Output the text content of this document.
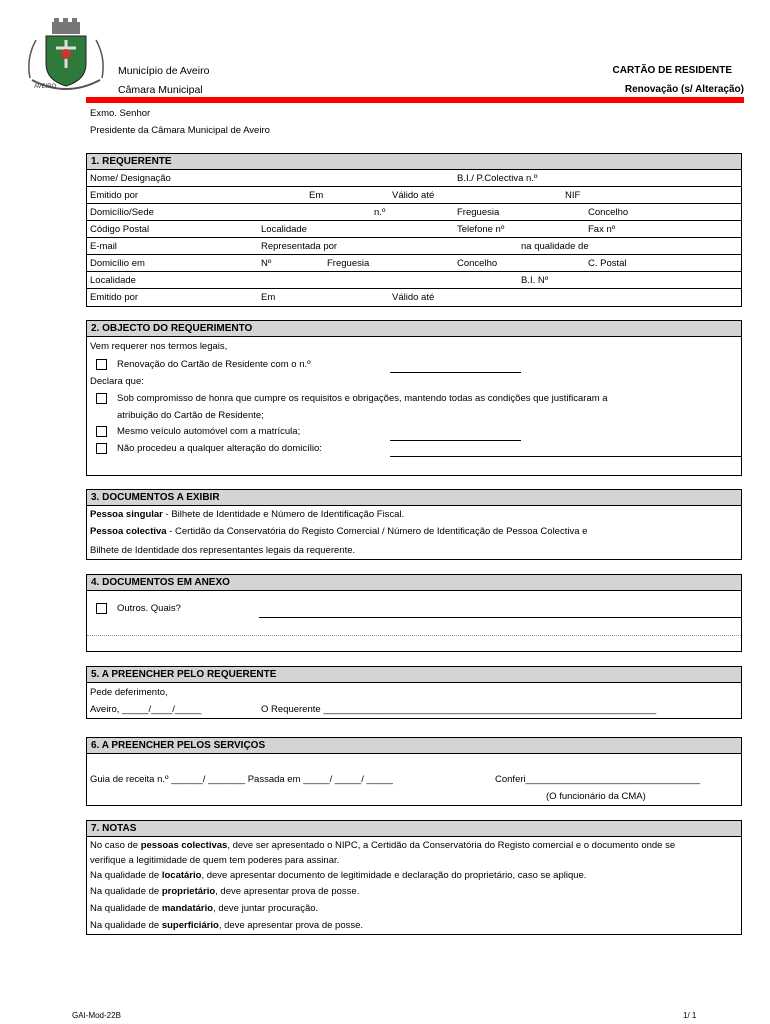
AVEIRO
Município de Aveiro
Câmara Municipal
CARTÃO DE RESIDENTE
Renovação (s/ Alteração)
Exmo. Senhor
Presidente da Câmara Municipal de Aveiro
1. REQUERENTE
Nome/ Designação	B.I./ P.Colectiva n.º
Emitido por	Em	Válido até	NIF
Domicílio/Sede	n.º	Freguesia	Concelho
Código Postal	Localidade	Telefone nº	Fax nº
E-mail	Representada por	na qualidade de
Domicílio em	Nº	Freguesia	Concelho	C. Postal
Localidade	B.I. Nº
Emitido por	Em	Válido até
2. OBJECTO DO REQUERIMENTO
Vem requerer nos termos legais,
Renovação do Cartão de Residente com o n.º
Declara que:
Sob compromisso de honra que cumpre os requisitos e obrigações, mantendo todas as condições que justificaram a
atribuição do Cartão de Residente;
Mesmo veículo automóvel com a matrícula;
Não procedeu a qualquer alteração do domicílio:
3. DOCUMENTOS A EXIBIR
Pessoa singular - Bilhete de Identidade e Número de Identificação Fiscal.
Pessoa colectiva - Certidão da Conservatória do Registo Comercial / Número de Identificação de Pessoa Colectiva e
Bilhete de Identidade dos representantes legais da requerente.
4. DOCUMENTOS EM ANEXO
Outros. Quais?
5. A PREENCHER PELO REQUERENTE
Pede deferimento,
Aveiro, _____/____/_____	O Requerente _______________________________________________________________
6. A PREENCHER PELOS SERVIÇOS
Guia de receita n.º ______/ _______ Passada em _____/ _____/ _____	Conferi_________________________________
(O funcionário da CMA)
7. NOTAS
No caso de pessoas colectivas, deve ser apresentado o NIPC, a Certidão da Conservatória do Registo comercial e o documento onde se
verifique a legitimidade de quem tem poderes para assinar.
Na qualidade de locatário, deve apresentar documento de legitimidade e declaração do proprietário, caso se aplique.
Na qualidade de proprietário, deve apresentar prova de posse.
Na qualidade de mandatário, deve juntar procuração.
Na qualidade de superficiário, deve apresentar prova de posse.
GAI-Mod-22B	1/ 1
